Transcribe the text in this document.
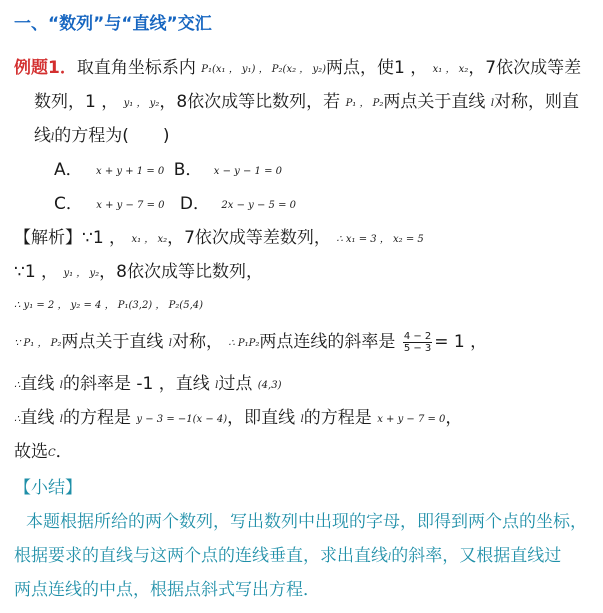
一、“数列”与“直线”交汇
例题1．取直角坐标系内 P₁(x₁ ， y₁) ， P₂(x₂ ， y₂)两点，使1 ， x₁ ， x₂，7依次成等差
数列，1 ， y₁ ， y₂，8依次成等比数列，若 P₁ ， P₂两点关于直线 l对称，则直
线l的方程为(　　)
A． x + y + 1 = 0 B． x − y − 1 = 0
C． x + y − 7 = 0 D． 2x − y − 5 = 0
【解析】∵1 ， x₁ ， x₂，7依次成等差数列， ∴ x₁ = 3 ， x₂ = 5
∵1 ， y₁ ， y₂，8依次成等比数列，
∴ y₁ = 2 ， y₂ = 4 ， P₁(3,2) ， P₂(5,4)
∵ P₁ ， P₂两点关于直线 l对称， ∴ P₁P₂两点连线的斜率是 $\frac{4 - 2}{5 - 3} = 1$ ，
∴直线 l的斜率是 -1 ，直线 l过点 (4,3)
∴直线 l的方程是 y − 3 = −1(x − 4)，即直线 l的方程是 x + y − 7 = 0，
故选C．
【小结】
本题根据所给的两个数列，写出数列中出现的字母，即得到两个点的坐标，
根据要求的直线与这两个点的连线垂直，求出直线l的斜率，又根据直线过
两点连线的中点，根据点斜式写出方程．
